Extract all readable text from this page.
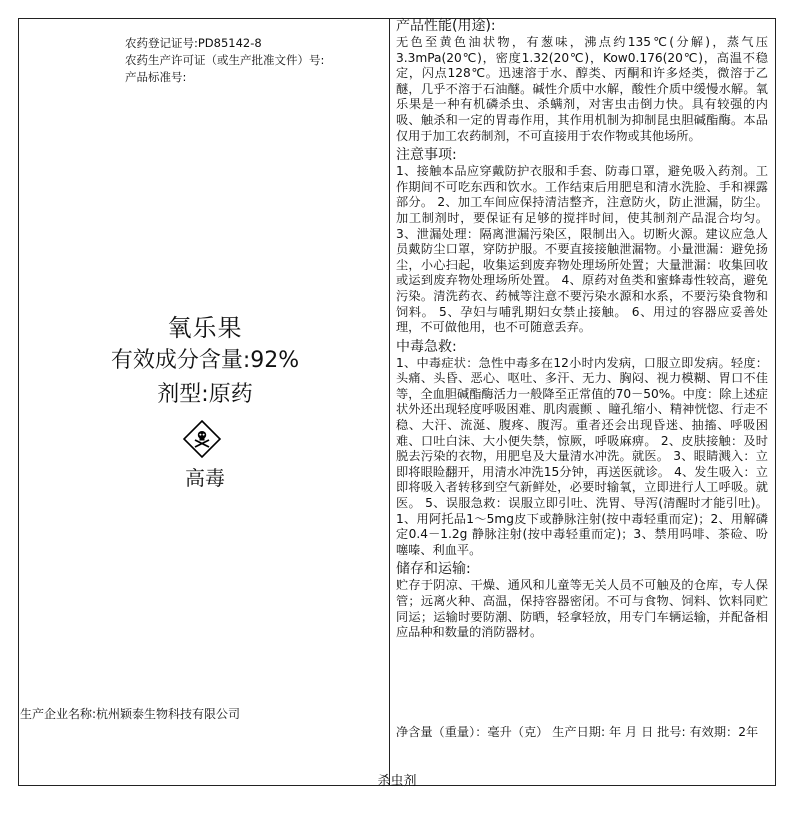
农药登记证号:PD85142-8
农药生产许可证（或生产批准文件）号:
产品标准号:
氧乐果
有效成分含量:92%
剂型:原药
高毒
生产企业名称:杭州颖泰生物科技有限公司
产品性能(用途):

无色至黄色油状物，有葱味，沸点约135℃(分解)，蒸气压3.3mPa(20℃)，密度1.32(20℃)，Kow0.176(20℃)，高温不稳定，闪点128℃。迅速溶于水、醇类、丙酮和许多烃类，微溶于乙醚，几乎不溶于石油醚。碱性介质中水解，酸性介质中缓慢水解。氧乐果是一种有机磷杀虫、杀螨剂，对害虫击倒力快。具有较强的内吸、触杀和一定的胃毒作用，其作用机制为抑制昆虫胆碱酯酶。本品仅用于加工农药制剂，不可直接用于农作物或其他场所。

注意事项:

1、接触本品应穿戴防护衣服和手套、防毒口罩，避免吸入药剂。工作期间不可吃东西和饮水。工作结束后用肥皂和清水洗脸、手和裸露部分。 2、加工车间应保持清洁整齐，注意防火，防止泄漏，防尘。加工制剂时，要保证有足够的搅拌时间，使其制剂产品混合均匀。 3、泄漏处理：隔离泄漏污染区，限制出入。切断火源。建议应急人员戴防尘口罩，穿防护服。不要直接接触泄漏物。小量泄漏：避免扬尘，小心扫起，收集运到废弃物处理场所处置；大量泄漏：收集回收或运到废弃物处理场所处置。 4、原药对鱼类和蜜蜂毒性较高，避免污染。清洗药衣、药械等注意不要污染水源和水系，不要污染食物和饲料。 5、孕妇与哺乳期妇女禁止接触。 6、用过的容器应妥善处理，不可做他用，也不可随意丢弃。

中毒急救:

1、中毒症状：急性中毒多在12小时内发病，口服立即发病。轻度：头痛、头昏、恶心、呕吐、多汗、无力、胸闷、视力模糊、胃口不佳等，全血胆碱酯酶活力一般降至正常值的70－50%。中度：除上述症状外还出现轻度呼吸困难、肌肉震颤 、瞳孔缩小、精神恍惚、行走不稳、大汗、流涎、腹疼、腹泻。重者还会出现昏迷、抽搐、呼吸困难、口吐白沫、大小便失禁，惊厥，呼吸麻痹。 2、皮肤接触：及时脱去污染的衣物，用肥皂及大量清水冲洗。就医。 3、眼睛溅入：立即将眼睑翻开，用清水冲洗15分钟，再送医就诊。 4、发生吸入：立即将吸入者转移到空气新鲜处，必要时输氧，立即进行人工呼吸。就医。 5、误服急救：误服立即引吐、洗胃、导泻(清醒时才能引吐)。 1、用阿托品1～5mg皮下或静脉注射(按中毒轻重而定)；2、用解磷定0.4－1.2g 静脉注射(按中毒轻重而定)；3、禁用吗啡、茶硷、吩噻嗪、利血平。

储存和运输:

贮存于阴凉、干燥、通风和儿童等无关人员不可触及的仓库，专人保管；远离火种、高温，保持容器密闭。不可与食物、饲料、饮料同贮同运；运输时要防潮、防晒，轻拿轻放，用专门车辆运输，并配备相应品种和数量的消防器材。

净含量（重量）：毫升（克） 生产日期: 年 月 日 批号: 有效期：2年
杀虫剂
